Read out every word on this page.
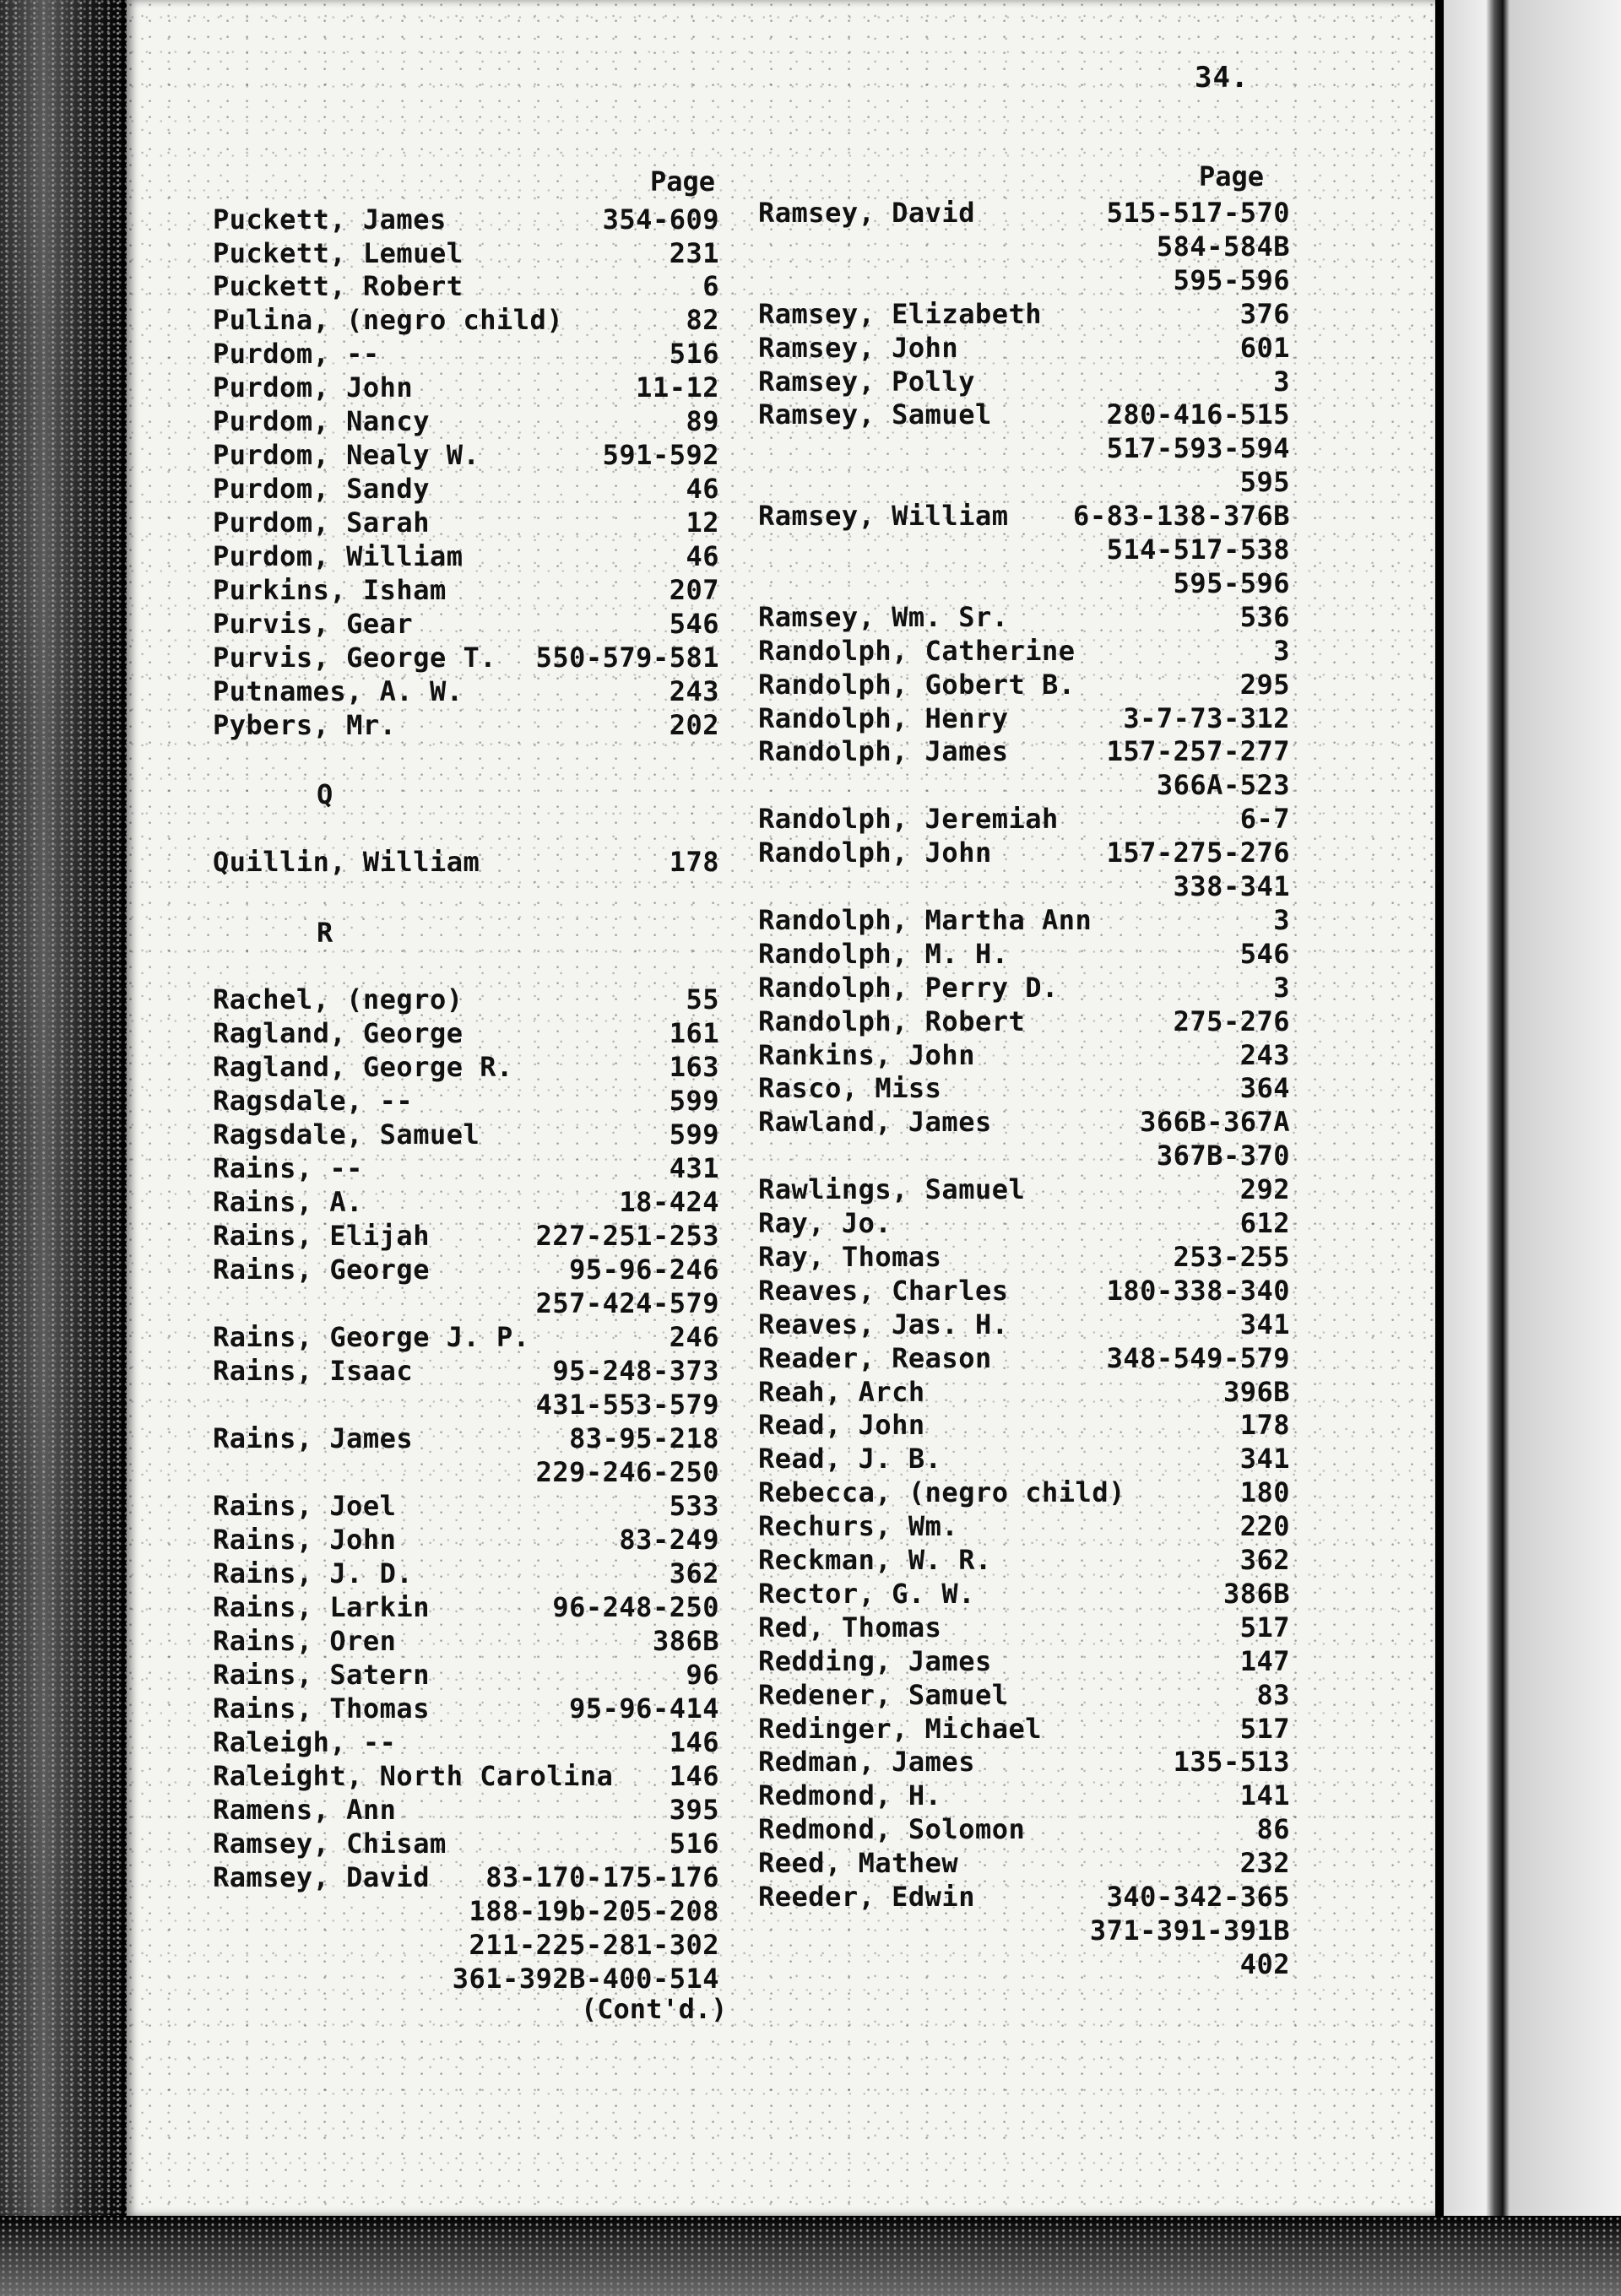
34.
Page	Page
Q
R
Puckett, James	354-609
Puckett, Lemuel	231
Puckett, Robert	6
Pulina, (negro child)	82
Purdom, --	516
Purdom, John	11-12
Purdom, Nancy	89
Purdom, Nealy W.	591-592
Purdom, Sandy	46
Purdom, Sarah	12
Purdom, William	46
Purkins, Isham	207
Purvis, Gear	546
Purvis, George T. 550-579-581
Putnames, A. W.	243
Pybers, Mr.	202
Quillin, William	178
Rachel, (negro)	55
Ragland, George	161
Ragland, George R.	163
Ragsdale, --	599
Ragsdale, Samuel	599
Rains, --	431
Rains, A.	18-424
Rains, Elijah	227-251-253
Rains, George	95-96-246
257-424-579
Rains, George J. P.	246
Rains, Isaac	95-248-373
431-553-579
Rains, James	83-95-218
229-246-250
Rains, Joel	533
Rains, John	83-249
Rains, J. D.	362
Rains, Larkin	96-248-250
Rains, Oren	386B
Rains, Satern	96
Rains, Thomas	95-96-414
Raleigh, --	146
Raleight, North Carolina 146
Ramens, Ann	395
Ramsey, Chisam	516
Ramsey, David 83-170-175-176
188-19b-205-208
211-225-281-302
361-392B-400-514
Ramsey, David	515-517-570
584-584B
595-596
Ramsey, Elizabeth	376
Ramsey, John	601
Ramsey, Polly	3
Ramsey, Samuel	280-416-515
517-593-594
595
Ramsey, William 6-83-138-376B
514-517-538
595-596
Ramsey, Wm. Sr.	536
Randolph, Catherine	3
Randolph, Gobert B.	295
Randolph, Henry	3-7-73-312
Randolph, James	157-257-277
366A-523
Randolph, Jeremiah	6-7
Randolph, John	157-275-276
338-341
Randolph, Martha Ann	3
Randolph, M. H.	546
Randolph, Perry D.	3
Randolph, Robert	275-276
Rankins, John	243
Rasco, Miss	364
Rawland, James	366B-367A
367B-370
Rawlings, Samuel	292
Ray, Jo.	612
Ray, Thomas	253-255
Reaves, Charles	180-338-340
Reaves, Jas. H.	341
Reader, Reason	348-549-579
Reah, Arch	396B
Read, John	178
Read, J. B.	341
Rebecca, (negro child)	180
Rechurs, Wm.	220
Reckman, W. R.	362
Rector, G. W.	386B
Red, Thomas	517
Redding, James	147
Redener, Samuel	83
Redinger, Michael	517
Redman, James	135-513
Redmond, H.	141
Redmond, Solomon	86
Reed, Mathew	232
Reeder, Edwin	340-342-365
371-391-391B
402
(Cont'd.)
